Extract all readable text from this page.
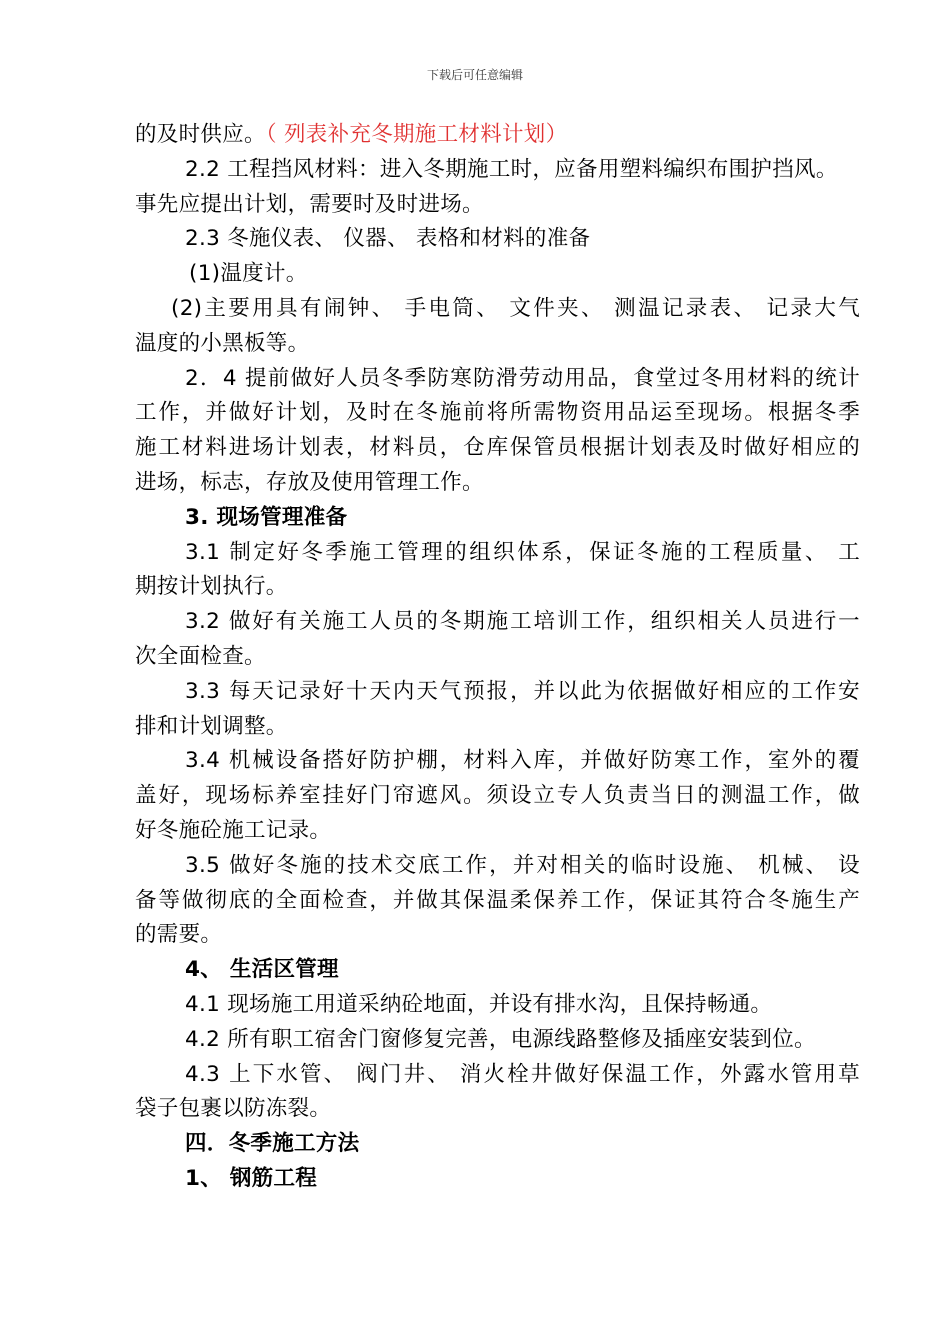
下载后可任意编辑
的及时供应。（ 列表补充冬期施工材料计划）
2.2 工程挡风材料：进入冬期施工时，应备用塑料编织布围护挡风。
事先应提出计划，需要时及时进场。
2.3 冬施仪表、 仪器、 表格和材料的准备
(1)温度计。
(2)主要用具有闹钟、 手电筒、 文件夹、 测温记录表、 记录大气
温度的小黑板等。
2．4 提前做好人员冬季防寒防滑劳动用品，食堂过冬用材料的统计
工作，并做好计划，及时在冬施前将所需物资用品运至现场。根据冬季
施工材料进场计划表，材料员，仓库保管员根据计划表及时做好相应的
进场，标志，存放及使用管理工作。
3. 现场管理准备
3.1 制定好冬季施工管理的组织体系，保证冬施的工程质量、 工
期按计划执行。
3.2 做好有关施工人员的冬期施工培训工作，组织相关人员进行一
次全面检查。
3.3 每天记录好十天内天气预报，并以此为依据做好相应的工作安
排和计划调整。
3.4 机械设备搭好防护棚，材料入库，并做好防寒工作，室外的覆
盖好，现场标养室挂好门帘遮风。须设立专人负责当日的测温工作，做
好冬施砼施工记录。
3.5 做好冬施的技术交底工作，并对相关的临时设施、 机械、 设
备等做彻底的全面检查，并做其保温柔保养工作，保证其符合冬施生产
的需要。
4、 生活区管理
4.1 现场施工用道采纳砼地面，并设有排水沟，且保持畅通。
4.2 所有职工宿舍门窗修复完善，电源线路整修及插座安装到位。
4.3 上下水管、 阀门井、 消火栓井做好保温工作，外露水管用草
袋子包裹以防冻裂。
四．冬季施工方法
1、 钢筋工程
